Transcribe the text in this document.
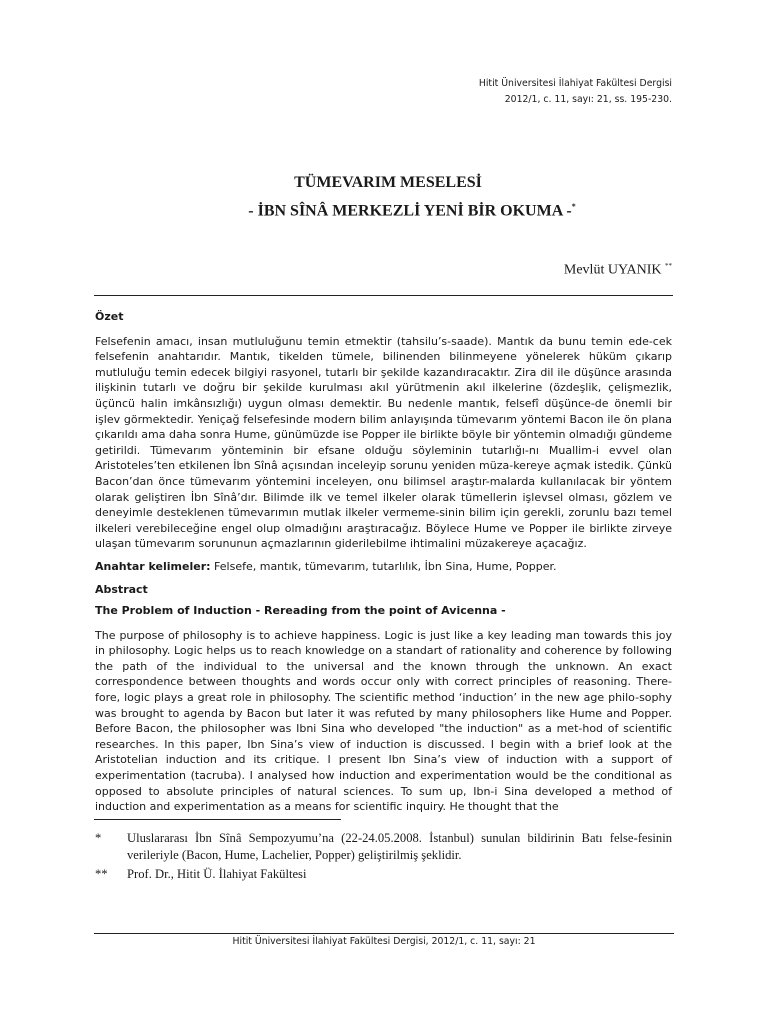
Hitit Üniversitesi İlahiyat Fakültesi Dergisi
2012/1, c. 11, sayı: 21, ss. 195-230.
TÜMEVARIM MESELESİ
- İBN SÎNÂ MERKEZLİ YENİ BİR OKUMA -*
Mevlüt UYANIK **

Özet

Felsefenin amacı, insan mutluluğunu temin etmektir (tahsilu’s-saade). Mantık da bunu temin ede-cek felsefenin anahtarıdır. Mantık, tikelden tümele, bilinenden bilinmeyene yönelerek hüküm çıkarıp mutluluğu temin edecek bilgiyi rasyonel, tutarlı bir şekilde kazandıracaktır. Zira dil ile düşünce arasında ilişkinin tutarlı ve doğru bir şekilde kurulması akıl yürütmenin akıl ilkelerine (özdeşlik, çelişmezlik, üçüncü halin imkânsızlığı) uygun olması demektir. Bu nedenle mantık, felsefî düşünce-de önemli bir işlev görmektedir. Yeniçağ felsefesinde modern bilim anlayışında tümevarım yöntemi Bacon ile ön plana çıkarıldı ama daha sonra Hume, günümüzde ise Popper ile birlikte böyle bir yöntemin olmadığı gündeme getirildi. Tümevarım yönteminin bir efsane olduğu söyleminin tutarlığı-nı Muallim-i evvel olan Aristoteles’ten etkilenen İbn Sînâ açısından inceleyip sorunu yeniden müza-kereye açmak istedik. Çünkü Bacon’dan önce tümevarım yöntemini inceleyen, onu bilimsel araştır-malarda kullanılacak bir yöntem olarak geliştiren İbn Sînâ’dır. Bilimde ilk ve temel ilkeler olarak tümellerin işlevsel olması, gözlem ve deneyimle desteklenen tümevarımın mutlak ilkeler vermeme-sinin bilim için gerekli, zorunlu bazı temel ilkeleri verebileceğine engel olup olmadığını araştıracağız. Böylece Hume ve Popper ile birlikte zirveye ulaşan tümevarım sorununun açmazlarının giderilebilme ihtimalini müzakereye açacağız.

Anahtar kelimeler: Felsefe, mantık, tümevarım, tutarlılık, İbn Sina, Hume, Popper.

Abstract

The Problem of Induction - Rereading from the point of Avicenna -

The purpose of philosophy is to achieve happiness. Logic is just like a key leading man towards this joy in philosophy. Logic helps us to reach knowledge on a standart of rationality and coherence by following the path of the individual to the universal and the known through the unknown. An exact correspondence between thoughts and words occur only with correct principles of reasoning. There-fore, logic plays a great role in philosophy. The scientific method ‘induction’ in the new age philo-sophy was brought to agenda by Bacon but later it was refuted by many philosophers like Hume and Popper. Before Bacon, the philosopher was Ibni Sina who developed "the induction" as a met-hod of scientific researches. In this paper, Ibn Sina’s view of induction is discussed. I begin with a brief look at the Aristotelian induction and its critique. I present Ibn Sina’s view of induction with a support of experimentation (tacruba). I analysed how induction and experimentation would be the conditional as opposed to absolute principles of natural sciences. To sum up, Ibn-i Sina developed a method of induction and experimentation as a means for scientific inquiry. He thought that the

*	Uluslararası İbn Sînâ Sempozyumu’na (22-24.05.2008. İstanbul) sunulan bildirinin Batı felse-fesinin verileriyle (Bacon, Hume, Lachelier, Popper) geliştirilmiş şeklidir.
**	Prof. Dr., Hitit Ü. İlahiyat Fakültesi
Hitit Üniversitesi İlahiyat Fakültesi Dergisi, 2012/1, c. 11, sayı: 21
